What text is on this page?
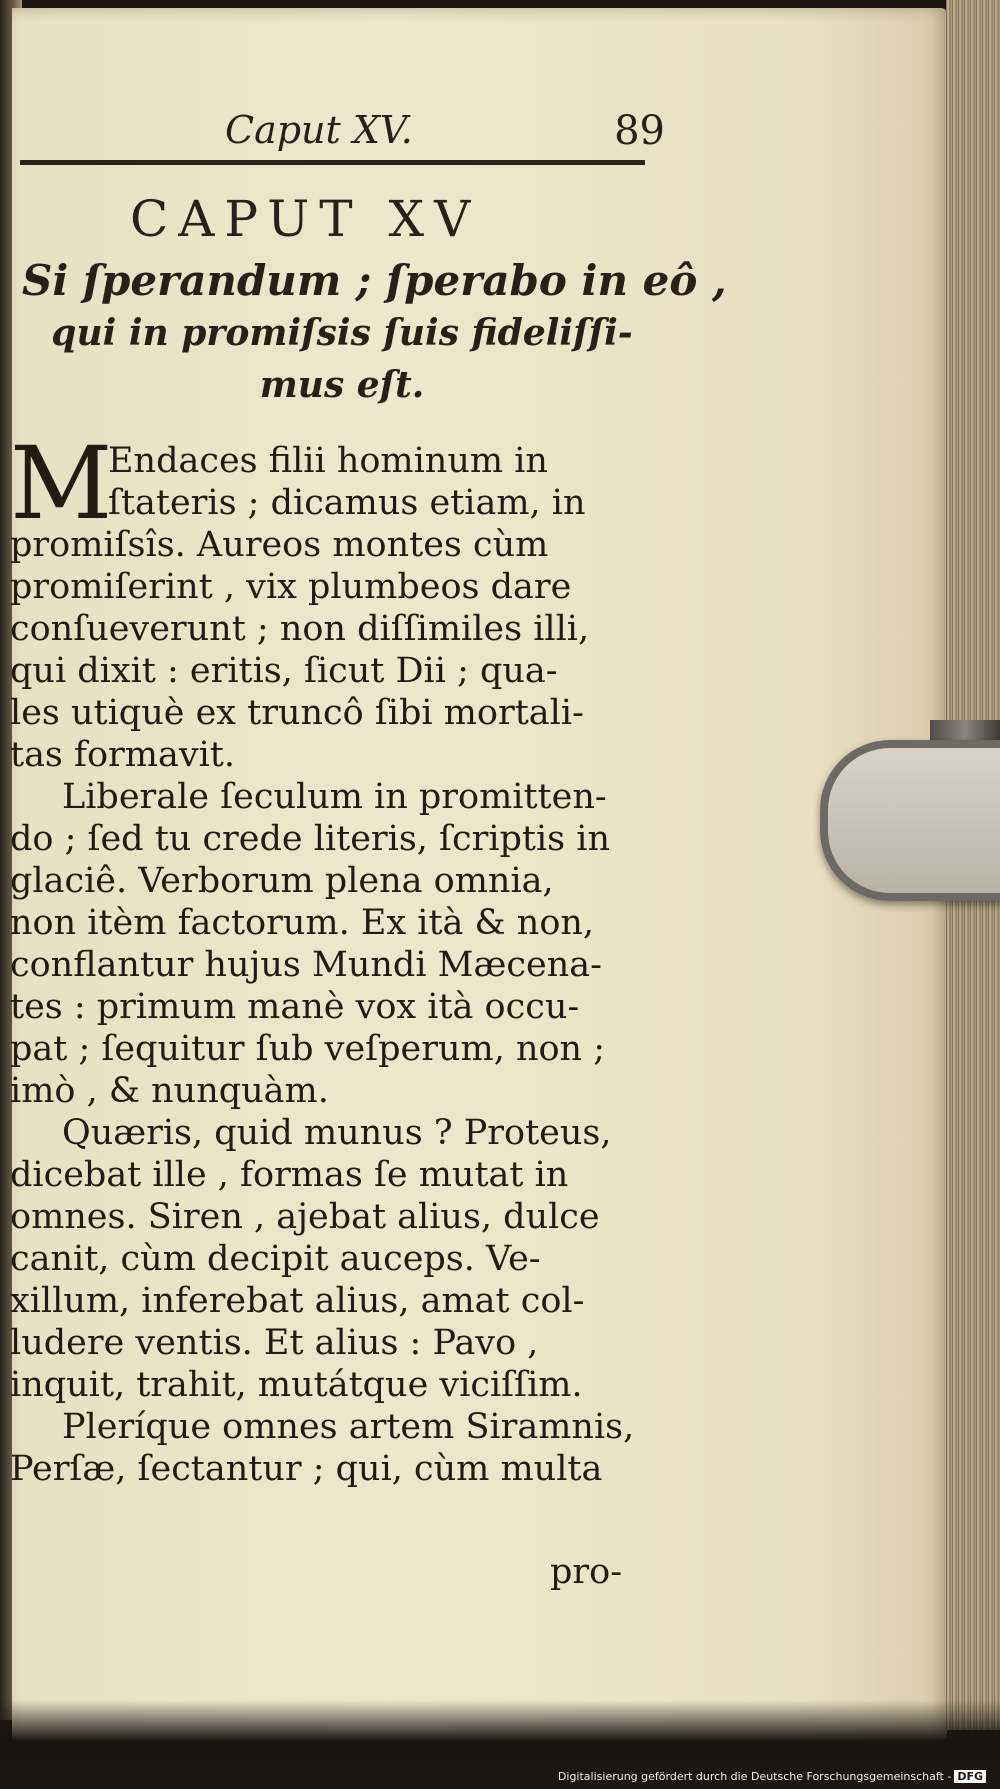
Caput XV.	89
CAPUT XV
Si ſperandum ; ſperabo in eô ,
qui in promiſsis ſuis fideliſſi-
mus eſt.
M
Endaces filii hominum in
ſtateris ; dicamus etiam, in
promiſsîs. Aureos montes cùm
promiſerint , vix plumbeos dare
conſueverunt ; non diſſimiles illi,
qui dixit : eritis, ſicut Dii ; qua-
les utiquè ex truncô ſibi mortali-
tas formavit.
Liberale ſeculum in promitten-
do ; ſed tu crede literis, ſcriptis in
glaciê. Verborum plena omnia,
non itèm factorum. Ex ità & non,
conflantur hujus Mundi Mæcena-
tes : primum manè vox ità occu-
pat ; ſequitur ſub veſperum, non ;
imò , & nunquàm.
Quæris, quid munus ? Proteus,
dicebat ille , formas ſe mutat in
omnes. Siren , ajebat alius, dulce
canit, cùm decipit auceps. Ve-
xillum, inferebat alius, amat col-
ludere ventis. Et alius : Pavo ,
inquit, trahit, mutátque viciſſim.
Pleríque omnes artem Siramnis,
Perſæ, ſectantur ; qui, cùm multa
pro-
Digitalisierung gefördert durch die Deutsche Forschungsgemeinschaft - DFG
